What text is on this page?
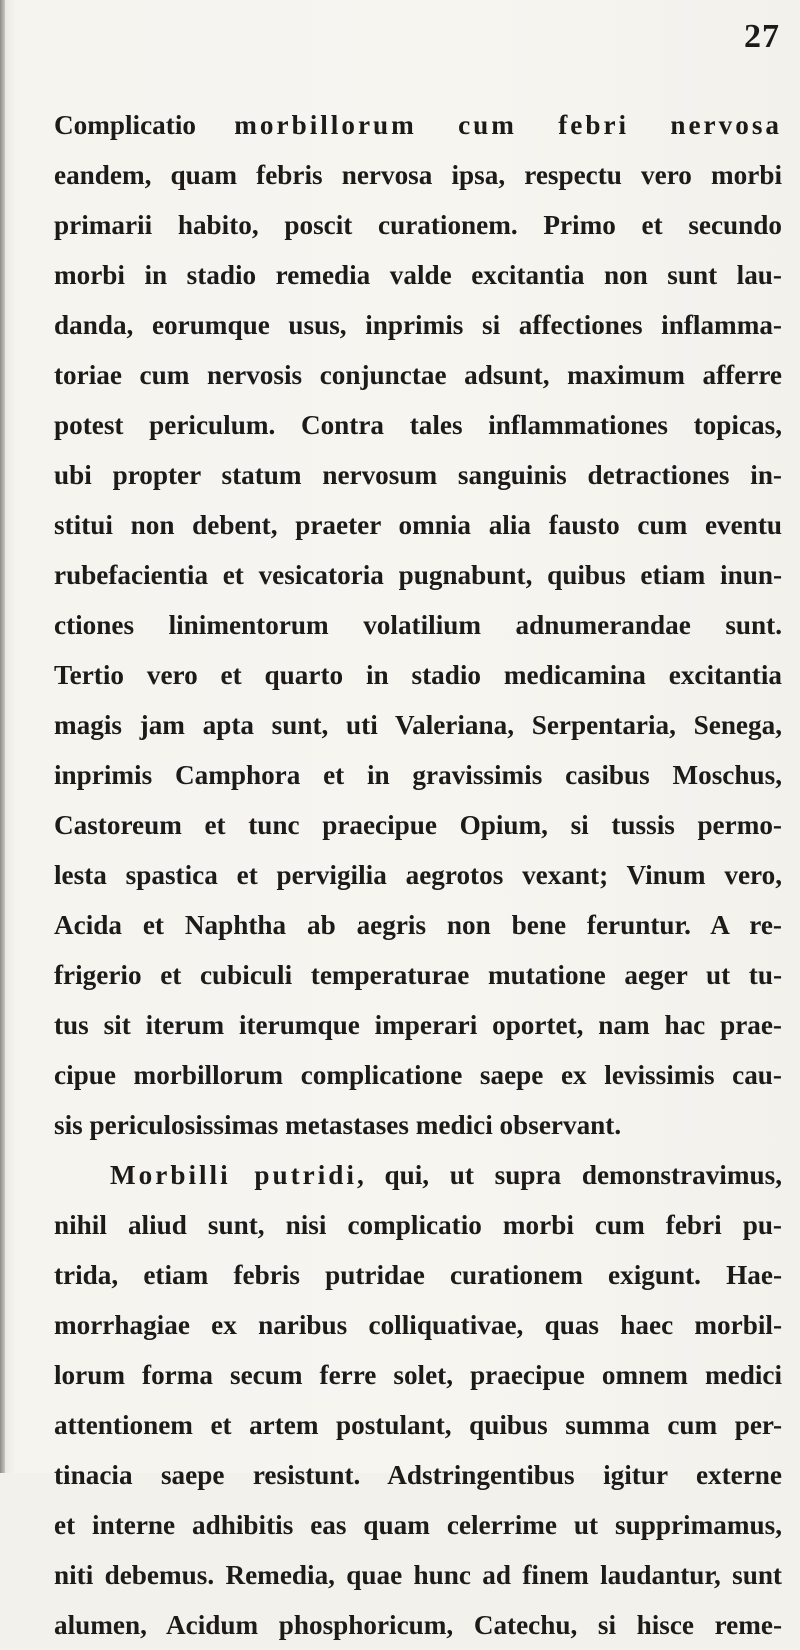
27
Complicatio morbillorum cum febri nervosa
eandem, quam febris nervosa ipsa, respectu vero morbi
primarii habito, poscit curationem. Primo et secundo
morbi in stadio remedia valde excitantia non sunt lau-
danda, eorumque usus, inprimis si affectiones inflamma-
toriae cum nervosis conjunctae adsunt, maximum afferre
potest periculum. Contra tales inflammationes topicas,
ubi propter statum nervosum sanguinis detractiones in-
stitui non debent, praeter omnia alia fausto cum eventu
rubefacientia et vesicatoria pugnabunt, quibus etiam inun-
ctiones linimentorum volatilium adnumerandae sunt.
Tertio vero et quarto in stadio medicamina excitantia
magis jam apta sunt, uti Valeriana, Serpentaria, Senega,
inprimis Camphora et in gravissimis casibus Moschus,
Castoreum et tunc praecipue Opium, si tussis permo-
lesta spastica et pervigilia aegrotos vexant; Vinum vero,
Acida et Naphtha ab aegris non bene feruntur. A re-
frigerio et cubiculi temperaturae mutatione aeger ut tu-
tus sit iterum iterumque imperari oportet, nam hac prae-
cipue morbillorum complicatione saepe ex levissimis cau-
sis periculosissimas metastases medici observant.
Morbilli putridi, qui, ut supra demonstravimus,
nihil aliud sunt, nisi complicatio morbi cum febri pu-
trida, etiam febris putridae curationem exigunt. Hae-
morrhagiae ex naribus colliquativae, quas haec morbil-
lorum forma secum ferre solet, praecipue omnem medici
attentionem et artem postulant, quibus summa cum per-
tinacia saepe resistunt. Adstringentibus igitur externe
et interne adhibitis eas quam celerrime ut supprimamus,
niti debemus. Remedia, quae hunc ad finem laudantur, sunt
alumen, Acidum phosphoricum, Catechu, si hisce reme-
